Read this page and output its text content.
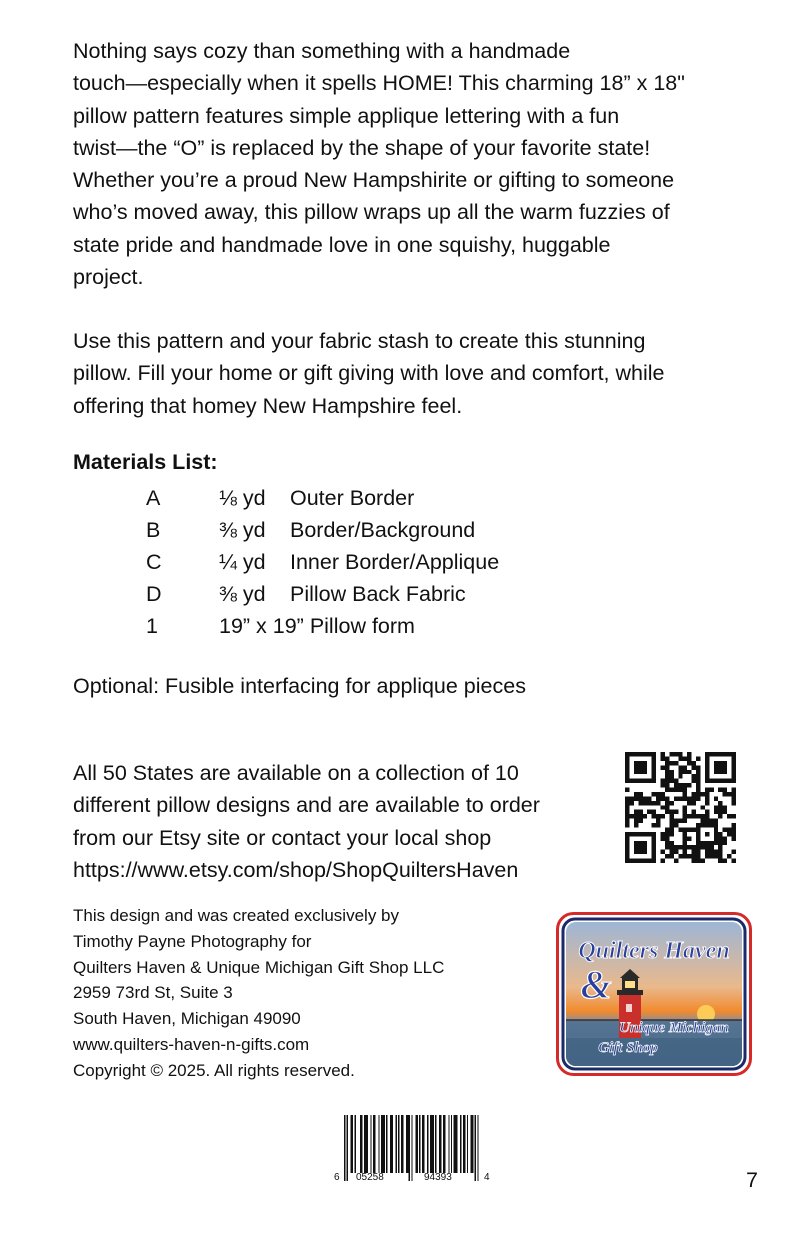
Nothing says cozy than something with a handmade
touch—especially when it spells HOME! This charming 18” x 18"
pillow pattern features simple applique lettering with a fun
twist—the “O” is replaced by the shape of your favorite state!
Whether you’re a proud New Hampshirite or gifting to someone
who’s moved away, this pillow wraps up all the warm fuzzies of
state pride and handmade love in one squishy, huggable
project.

Use this pattern and your fabric stash to create this stunning
pillow. Fill your home or gift giving with love and comfort, while
offering that homey New Hampshire feel.

Materials List:

A	⅛ yd Outer Border
B	⅜ yd Border/Background
C	¼ yd Inner Border/Applique
D	⅜ yd Pillow Back Fabric
1	19” x 19” Pillow form
Optional: Fusible interfacing for applique pieces

All 50 States are available on a collection of 10
different pillow designs and are available to order
from our Etsy site or contact your local shop
https://www.etsy.com/shop/ShopQuiltersHaven

This design and was created exclusively by
Timothy Payne Photography for
Quilters Haven & Unique Michigan Gift Shop LLC
2959 73rd St, Suite 3
South Haven, Michigan 49090
www.quilters-haven-n-gifts.com
Copyright © 2025. All rights reserved.

Quilters Haven
&
Unique Michigan
Gift Shop
6 05258	94393	4	7
